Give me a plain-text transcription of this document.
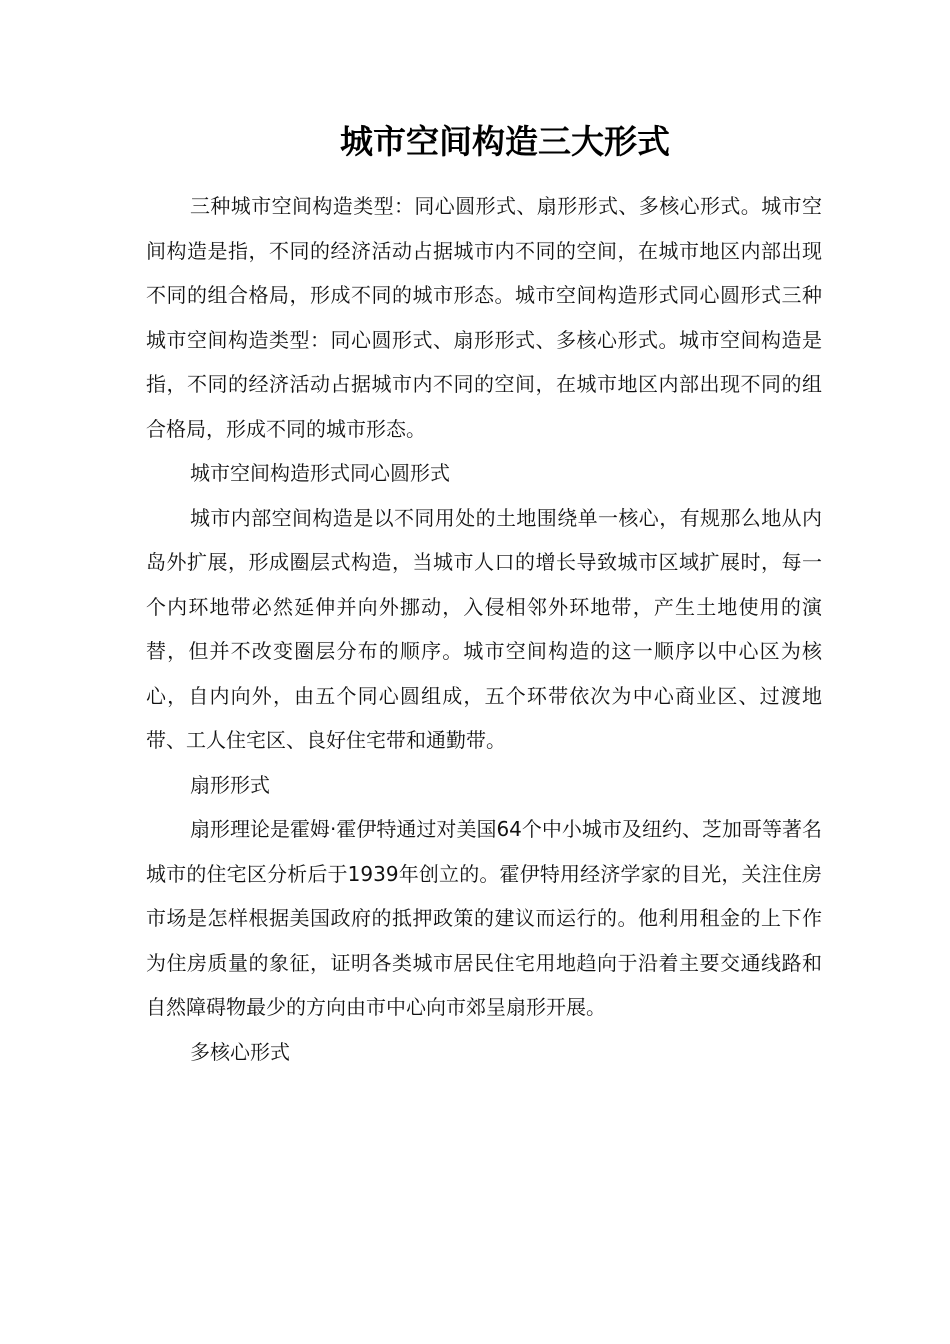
城市空间构造三大形式

三种城市空间构造类型：同心圆形式、扇形形式、多核心形式。城市空间构造是指，不同的经济活动占据城市内不同的空间，在城市地区内部出现不同的组合格局，形成不同的城市形态。城市空间构造形式同心圆形式三种城市空间构造类型：同心圆形式、扇形形式、多核心形式。城市空间构造是指，不同的经济活动占据城市内不同的空间，在城市地区内部出现不同的组合格局，形成不同的城市形态。

城市空间构造形式同心圆形式

城市内部空间构造是以不同用处的土地围绕单一核心，有规那么地从内岛外扩展，形成圈层式构造，当城市人口的增长导致城市区域扩展时，每一个内环地带必然延伸并向外挪动，入侵相邻外环地带，产生土地使用的演替，但并不改变圈层分布的顺序。城市空间构造的这一顺序以中心区为核心，自内向外，由五个同心圆组成，五个环带依次为中心商业区、过渡地带、工人住宅区、良好住宅带和通勤带。

扇形形式

扇形理论是霍姆·霍伊特通过对美国64个中小城市及纽约、芝加哥等著名城市的住宅区分析后于1939年创立的。霍伊特用经济学家的目光，关注住房市场是怎样根据美国政府的抵押政策的建议而运行的。他利用租金的上下作为住房质量的象征，证明各类城市居民住宅用地趋向于沿着主要交通线路和自然障碍物最少的方向由市中心向市郊呈扇形开展。

多核心形式
